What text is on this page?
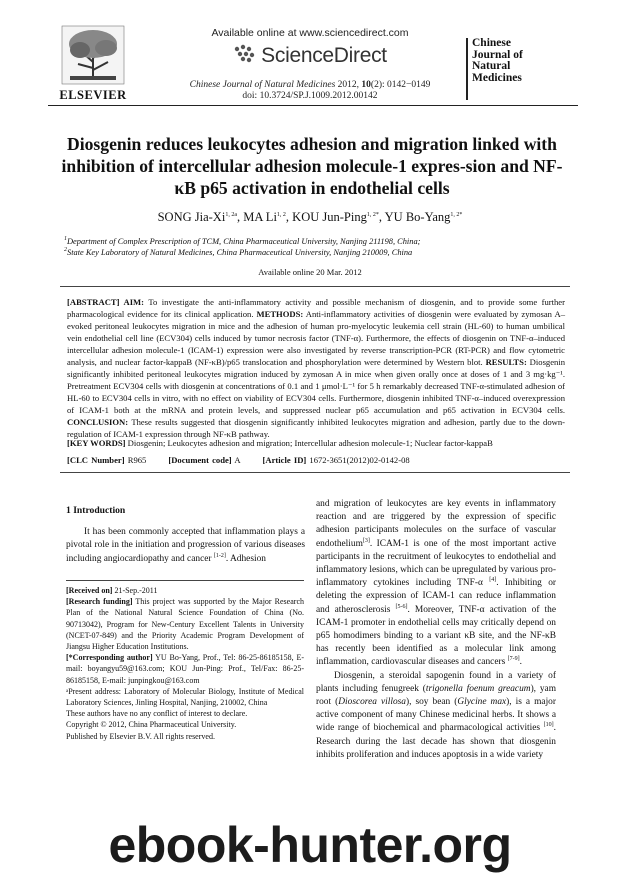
ELSEVIER
Available online at www.sciencedirect.com
ScienceDirect
Chinese Journal of Natural Medicines 2012, 10(2): 0142−0149
doi: 10.3724/SP.J.1009.2012.00142
Chinese
Journal of
Natural
Medicines
Diosgenin reduces leukocytes adhesion and migration linked with inhibition of intercellular adhesion molecule-1 expres-sion and NF-κB p65 activation in endothelial cells
SONG Jia-$Xi^{1, 2a}$, MA Li$^{1, 2}$, KOU Jun-Ping$^{1, 2*}$, YU Bo-Yang$^{1, 2*}$
$^1$Department of Complex Prescription of TCM, China Pharmaceutical University, Nanjing 211198, China;
$^2$State Key Laboratory of Natural Medicines, China Pharmaceutical University, Nanjing 210009, China
Available online 20 Mar. 2012
[ABSTRACT] AIM: To investigate the anti-inflammatory activity and possible mechanism of diosgenin, and to provide some further pharmacological evidence for its clinical application. METHODS: Anti-inflammatory activities of diosgenin were evaluated by zymosan A–evoked peritoneal leukocytes migration in mice and the adhesion of human pro-myelocytic leukemia cell strain (HL-60) to human umbilical vein endothelial cell line (ECV304) cells induced by tumor necrosis factor (TNF-α). Furthermore, the effects of diosgenin on TNF-α–induced intercellular adhesion molecule-1 (ICAM-1) expression were also investigated by reverse transcription-PCR (RT-PCR) and flow cytometric analysis, and nuclear factor-kappaB (NF-κB)/p65 translocation and phosphorylation were determined by Western blot. RESULTS: Diosgenin significantly inhibited peritoneal leukocytes migration induced by zymosan A in mice when given orally once at doses of 1 and 3 mg·kg⁻¹. Pretreatment ECV304 cells with diosgenin at concentrations of 0.1 and 1 μmol·L⁻¹ for 5 h remarkably decreased TNF-α-stimulated adhesion of HL-60 to ECV304 cells in vitro, with no effect on viability of ECV304 cells. Furthermore, diosgenin inhibited TNF-α–induced overexpression of ICAM-1 both at the mRNA and protein levels, and suppressed nuclear p65 accumulation and p65 activation in ECV304 cells. CONCLUSION: These results suggested that diosgenin significantly inhibited leukocytes migration and adhesion, partly due to the down-regulation of ICAM-1 expression through NF-κB pathway.
[KEY WORDS] Diosgenin; Leukocytes adhesion and migration; Intercellular adhesion molecule-1; Nuclear factor-kappaB
[CLC Number] R965	[Document code] A	[Article ID] 1672-3651(2012)02-0142-08
1 Introduction

It has been commonly accepted that inflammation plays a pivotal role in the initiation and progression of various diseases including angiocardiopathy and cancer [1-2]. Adhesion

[Received on] 21-Sep.-2011

[Research funding] This project was supported by the Major Research Plan of the National Natural Science Foundation of China (No. 90713042), Program for New-Century Excellent Talents in University (NCET-07-849) and the Priority Academic Program Development of Jiangsu Higher Education Institutions.

[*Corresponding author] YU Bo-Yang, Prof., Tel: 86-25-86185158, E-mail: boyangyu59@163.com; KOU Jun-Ping: Prof., Tel/Fax: 86-25-86185158, E-mail: junpingkou@163.com

ᵃPresent address: Laboratory of Molecular Biology, Institute of Medical Laboratory Sciences, Jinling Hospital, Nanjing, 210002, China

These authors have no any conflict of interest to declare.

Copyright © 2012, China Pharmaceutical University.

Published by Elsevier B.V. All rights reserved.

and migration of leukocytes are key events in inflammatory reaction and are triggered by the expression of specific adhesion participants molecules on the surface of vascular endothelium[3]. ICAM-1 is one of the most important active participants in the recruitment of leukocytes to endothelial and inflammatory lesions, which can be upregulated by various pro-inflammatory cytokines including TNF-α [4]. Inhibiting or deleting the expression of ICAM-1 can reduce inflammation and atherosclerosis [5-6]. Moreover, TNF-α activation of the ICAM-1 promoter in endothelial cells may critically depend on p65 homodimers binding to a variant κB site, and the NF-κB has recently been identified as a molecular link among inflammation, cardiovascular diseases and cancers [7-9].

Diosgenin, a steroidal sapogenin found in a variety of plants including fenugreek (trigonella foenum greacum), yam root (Dioscorea villosa), soy bean (Glycine max), is a major active component of many Chinese medicinal herbs. It shows a wide range of biochemical and pharmacological activities [10]. Research during the last decade has shown that diosgenin inhibits proliferation and induces apoptosis in a wide variety

ebook-hunter.org
